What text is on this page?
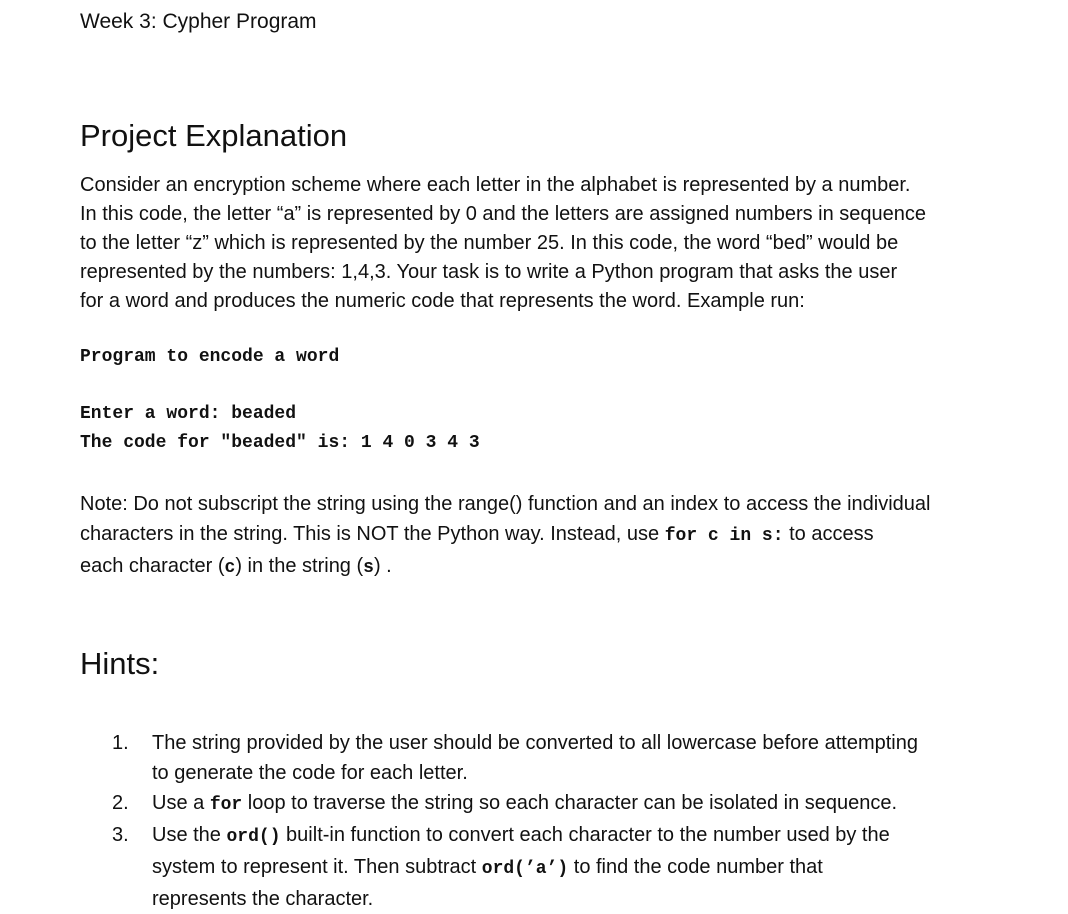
Week 3: Cypher Program
Project Explanation
Consider an encryption scheme where each letter in the alphabet is represented by a number.
In this code, the letter “a” is represented by 0 and the letters are assigned numbers in sequence
to the letter “z” which is represented by the number 25. In this code, the word “bed” would be
represented by the numbers: 1,4,3. Your task is to write a Python program that asks the user
for a word and produces the numeric code that represents the word. Example run:
Program to encode a word
Enter a word: beaded
The code for "beaded" is: 1 4 0 3 4 3
Note: Do not subscript the string using the range() function and an index to access the individual
characters in the string. This is NOT the Python way. Instead, use for c in s: to access
each character (c) in the string (s) .
Hints:
1. The string provided by the user should be converted to all lowercase before attempting
to generate the code for each letter.
2. Use a for loop to traverse the string so each character can be isolated in sequence.
3. Use the ord() built-in function to convert each character to the number used by the
system to represent it. Then subtract ord(’a’) to find the code number that
represents the character.
